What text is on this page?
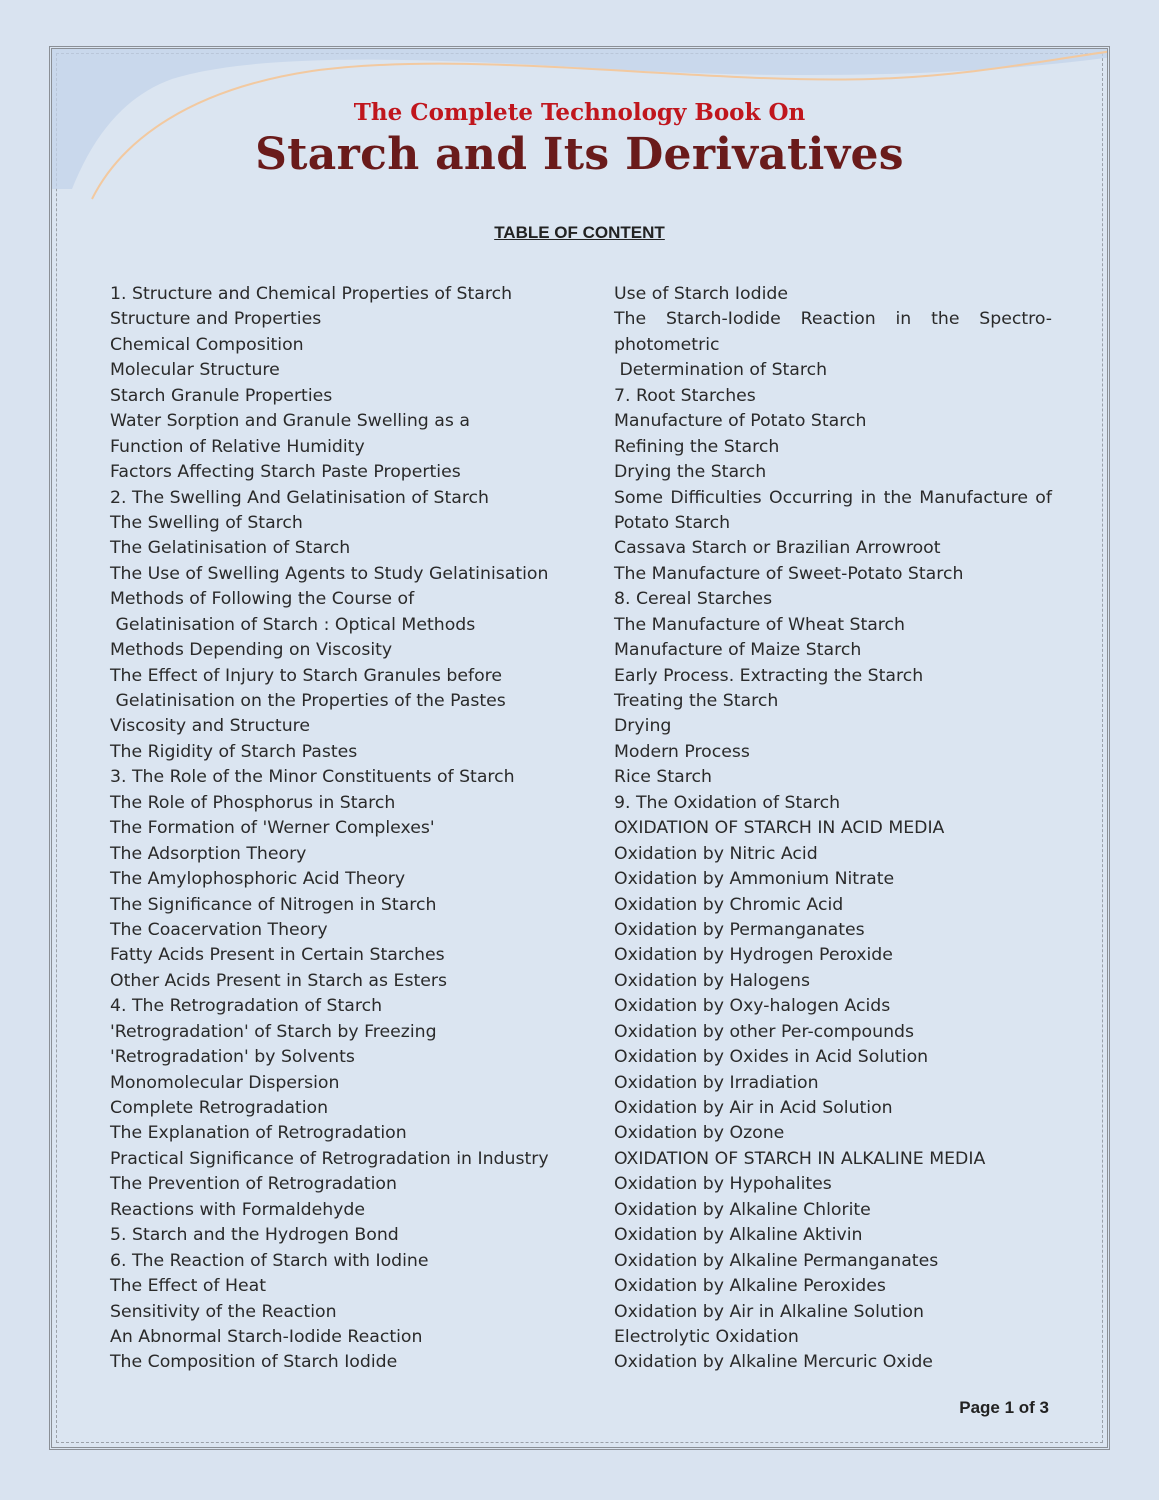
The Complete Technology Book On
Starch and Its Derivatives
TABLE OF CONTENT
1. Structure and Chemical Properties of Starch
Structure and Properties
Chemical Composition
Molecular Structure
Starch Granule Properties
Water Sorption and Granule Swelling as a
Function of Relative Humidity
Factors Affecting Starch Paste Properties
2. The Swelling And Gelatinisation of Starch
The Swelling of Starch
The Gelatinisation of Starch
The Use of Swelling Agents to Study Gelatinisation
Methods of Following the Course of
Gelatinisation of Starch : Optical Methods
Methods Depending on Viscosity
The Effect of Injury to Starch Granules before
Gelatinisation on the Properties of the Pastes
Viscosity and Structure
The Rigidity of Starch Pastes
3. The Role of the Minor Constituents of Starch
The Role of Phosphorus in Starch
The Formation of 'Werner Complexes'
The Adsorption Theory
The Amylophosphoric Acid Theory
The Significance of Nitrogen in Starch
The Coacervation Theory
Fatty Acids Present in Certain Starches
Other Acids Present in Starch as Esters
4. The Retrogradation of Starch
'Retrogradation' of Starch by Freezing
'Retrogradation' by Solvents
Monomolecular Dispersion
Complete Retrogradation
The Explanation of Retrogradation
Practical Significance of Retrogradation in Industry
The Prevention of Retrogradation
Reactions with Formaldehyde
5. Starch and the Hydrogen Bond
6. The Reaction of Starch with Iodine
The Effect of Heat
Sensitivity of the Reaction
An Abnormal Starch-Iodide Reaction
The Composition of Starch Iodide
Use of Starch Iodide
The Starch-Iodide Reaction in the Spectro-
photometric
Determination of Starch
7. Root Starches
Manufacture of Potato Starch
Refining the Starch
Drying the Starch
Some Difficulties Occurring in the Manufacture of
Potato Starch
Cassava Starch or Brazilian Arrowroot
The Manufacture of Sweet-Potato Starch
8. Cereal Starches
The Manufacture of Wheat Starch
Manufacture of Maize Starch
Early Process. Extracting the Starch
Treating the Starch
Drying
Modern Process
Rice Starch
9. The Oxidation of Starch
OXIDATION OF STARCH IN ACID MEDIA
Oxidation by Nitric Acid
Oxidation by Ammonium Nitrate
Oxidation by Chromic Acid
Oxidation by Permanganates
Oxidation by Hydrogen Peroxide
Oxidation by Halogens
Oxidation by Oxy-halogen Acids
Oxidation by other Per-compounds
Oxidation by Oxides in Acid Solution
Oxidation by Irradiation
Oxidation by Air in Acid Solution
Oxidation by Ozone
OXIDATION OF STARCH IN ALKALINE MEDIA
Oxidation by Hypohalites
Oxidation by Alkaline Chlorite
Oxidation by Alkaline Aktivin
Oxidation by Alkaline Permanganates
Oxidation by Alkaline Peroxides
Oxidation by Air in Alkaline Solution
Electrolytic Oxidation
Oxidation by Alkaline Mercuric Oxide
Page 1 of 3
